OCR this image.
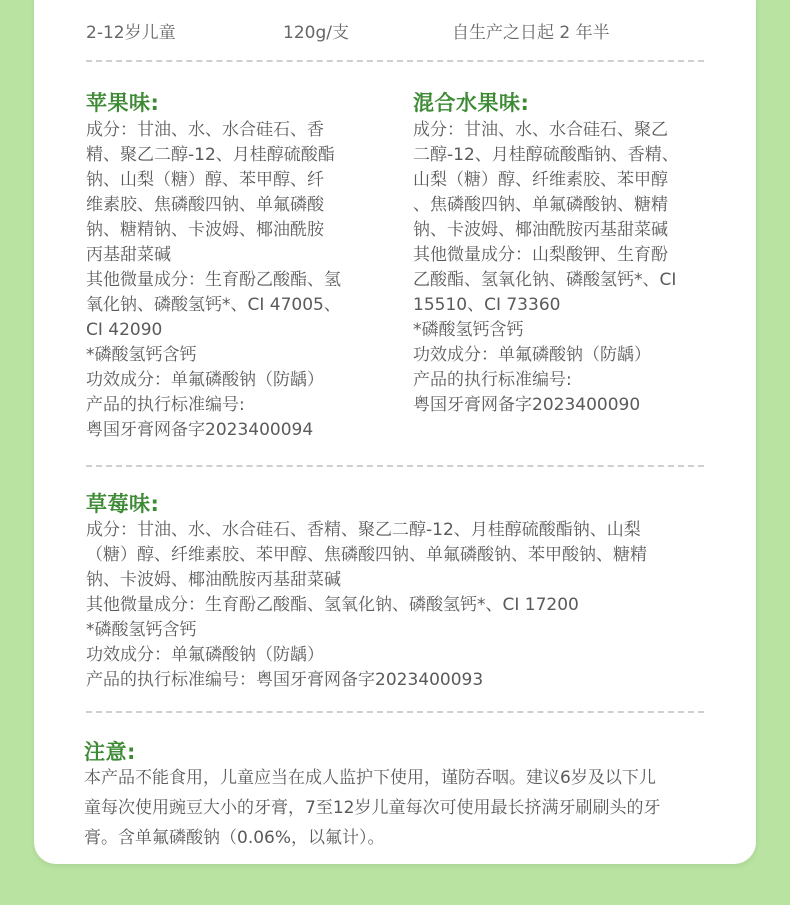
2-12岁儿童	120g/支	自生产之日起 2 年半
苹果味:
成分：甘油、水、水合硅石、香
精、聚乙二醇-12、月桂醇硫酸酯
钠、山梨（糖）醇、苯甲醇、纤
维素胶、焦磷酸四钠、单氟磷酸
钠、糖精钠、卡波姆、椰油酰胺
丙基甜菜碱
其他微量成分：生育酚乙酸酯、氢
氧化钠、磷酸氢钙*、CI 47005、
CI 42090
*磷酸氢钙含钙
功效成分：单氟磷酸钠（防龋）
产品的执行标准编号:
粤国牙膏网备字2023400094
混合水果味:
成分：甘油、水、水合硅石、聚乙
二醇-12、月桂醇硫酸酯钠、香精、
山梨（糖）醇、纤维素胶、苯甲醇
、焦磷酸四钠、单氟磷酸钠、糖精
钠、卡波姆、椰油酰胺丙基甜菜碱
其他微量成分：山梨酸钾、生育酚
乙酸酯、氢氧化钠、磷酸氢钙*、CI
15510、CI 73360
*磷酸氢钙含钙
功效成分：单氟磷酸钠（防龋）
产品的执行标准编号:
粤国牙膏网备字2023400090
草莓味:
成分：甘油、水、水合硅石、香精、聚乙二醇-12、月桂醇硫酸酯钠、山梨
（糖）醇、纤维素胶、苯甲醇、焦磷酸四钠、单氟磷酸钠、苯甲酸钠、糖精
钠、卡波姆、椰油酰胺丙基甜菜碱
其他微量成分：生育酚乙酸酯、氢氧化钠、磷酸氢钙*、CI 17200
*磷酸氢钙含钙
功效成分：单氟磷酸钠（防龋）
产品的执行标准编号：粤国牙膏网备字2023400093
注意:
本产品不能食用，儿童应当在成人监护下使用，谨防吞咽。建议6岁及以下儿
童每次使用豌豆大小的牙膏，7至12岁儿童每次可使用最长挤满牙刷刷头的牙
膏。含单氟磷酸钠（0.06%，以氟计）。
